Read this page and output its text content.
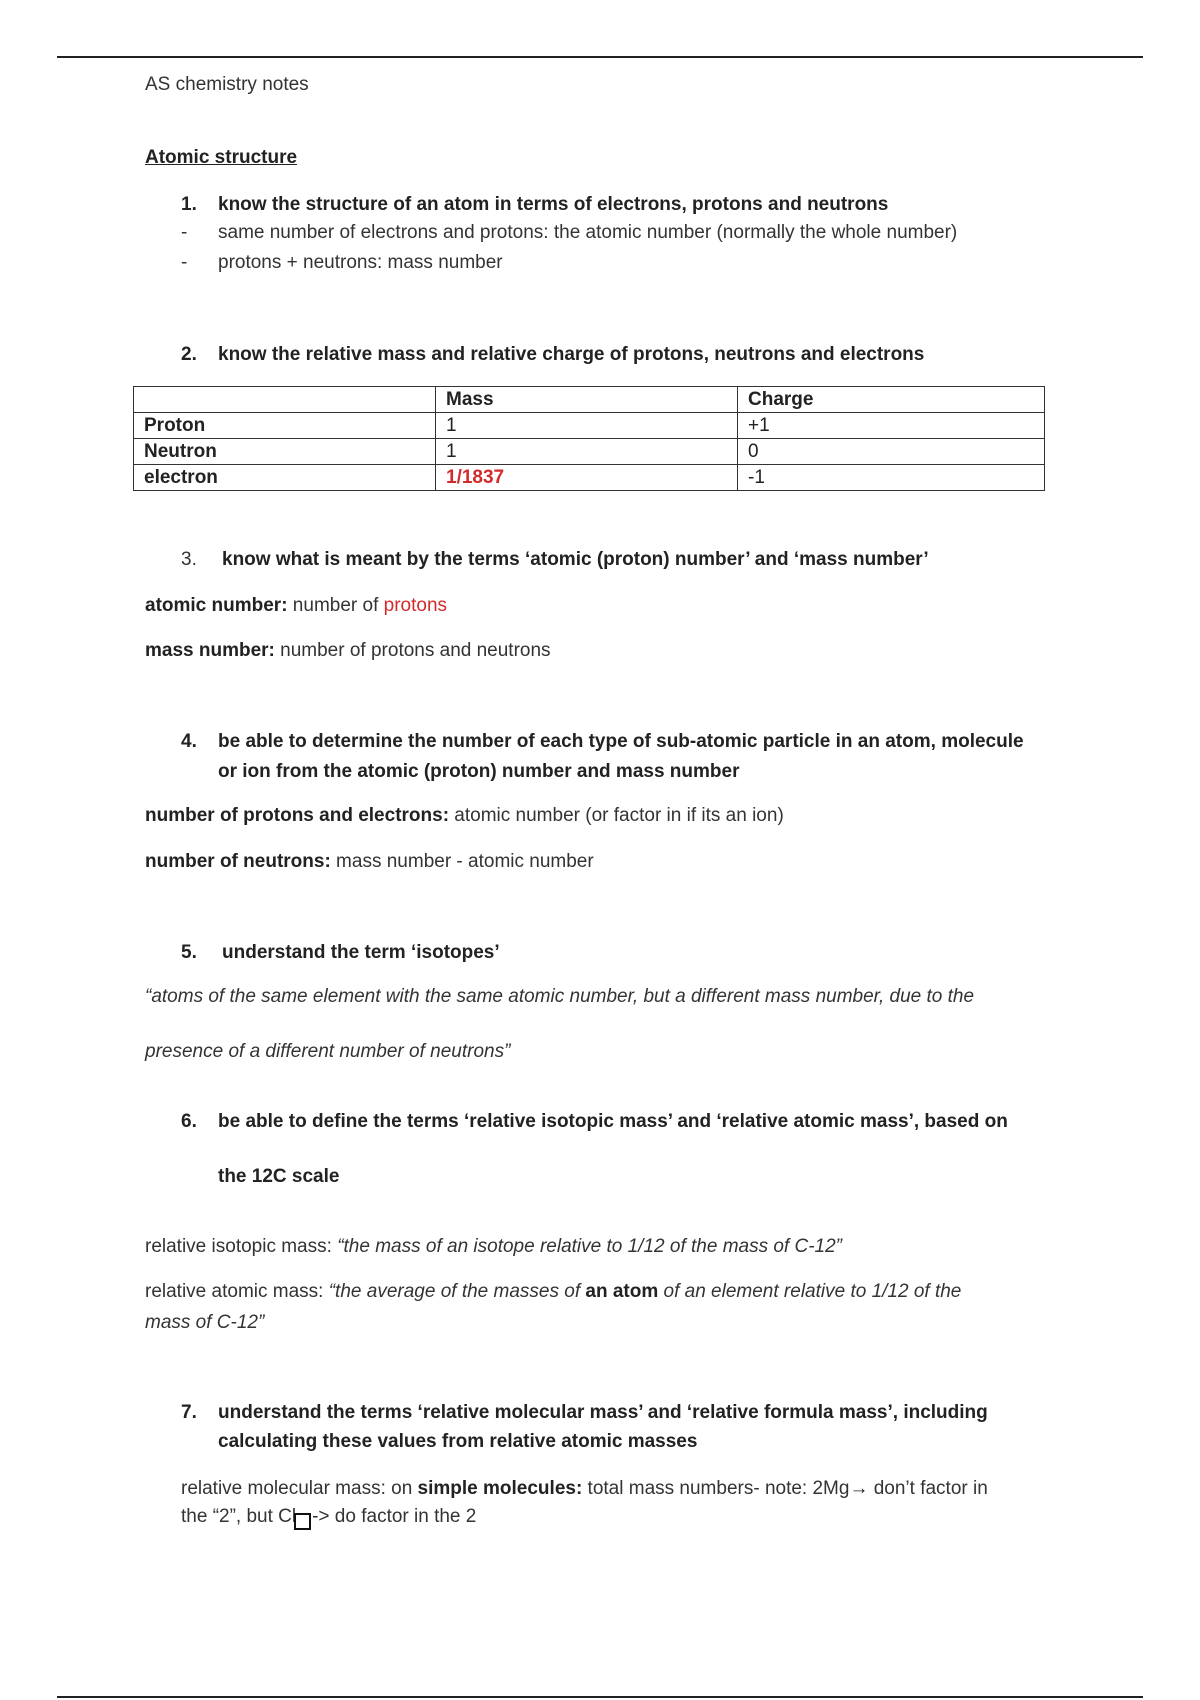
AS chemistry notes
Atomic structure
1. know the structure of an atom in terms of electrons, protons and neutrons
- same number of electrons and protons: the atomic number (normally the whole number)
- protons + neutrons: mass number
2. know the relative mass and relative charge of protons, neutrons and electrons
	Mass	Charge
Proton	1	+1
Neutron	1	0
electron	1/1837	-1
3. know what is meant by the terms ‘atomic (proton) number’ and ‘mass number’
atomic number: number of protons
mass number: number of protons and neutrons
4. be able to determine the number of each type of sub-atomic particle in an atom, molecule
or ion from the atomic (proton) number and mass number
number of protons and electrons: atomic number (or factor in if its an ion)
number of neutrons: mass number - atomic number
5. understand the term ‘isotopes’
“atoms of the same element with the same atomic number, but a different mass number, due to the
presence of a different number of neutrons”
6. be able to define the terms ‘relative isotopic mass’ and ‘relative atomic mass’, based on
the 12C scale
relative isotopic mass: “the mass of an isotope relative to 1/12 of the mass of C-12”
relative atomic mass: “the average of the masses of an atom of an element relative to 1/12 of the
mass of C-12”
7. understand the terms ‘relative molecular mass’ and ‘relative formula mass’, including
calculating these values from relative atomic masses
relative molecular mass: on simple molecules: total mass numbers- note: 2Mg→ don’t factor in
the “2”, but Cl -> do factor in the 2
